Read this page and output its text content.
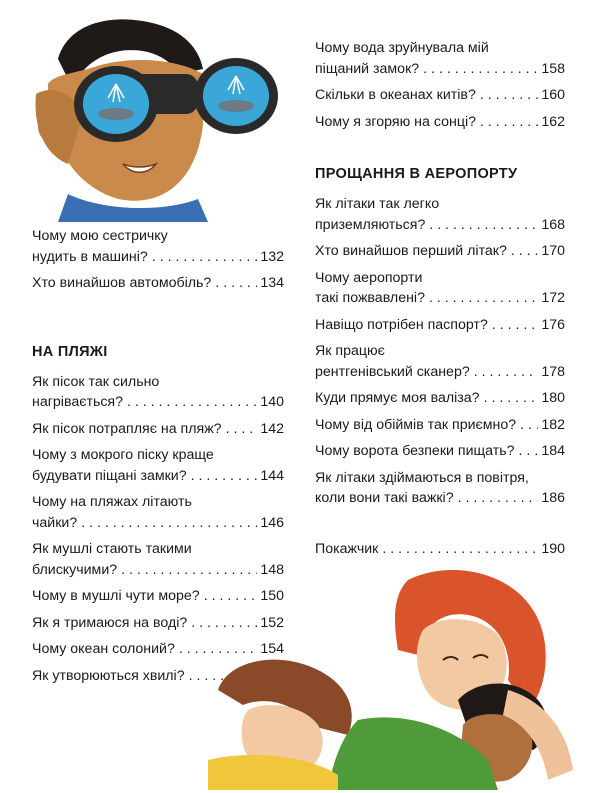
Чому мою сестричку
нудить в машині? . . .	132
Хто винайшов автомобіль? . . .	134
НА ПЛЯЖІ
Як пісок так сильно
нагрівається? . . .	140
Як пісок потрапляє на пляж? . . .	142
Чому з мокрого піску краще
будувати піщані замки? . . .	144
Чому на пляжах літають
чайки? . . .	146
Як мушлі стають такими
блискучими? . . .	148
Чому в мушлі чути море? . . .	150
Як я тримаюся на воді? . . .	152
Чому океан солоний? . . .	154
Як утворюються хвилі?
. . .
Чому вода зруйнувала мій
піщаний замок? . . .	158
Скільки в океанах китів? . . .	160
Чому я згоряю на сонці? . . .	162
ПРОЩАННЯ В АЕРОПОРТУ
Як літаки так легко
приземляються? . . .	168
Хто винайшов перший літак? . . . 170
Чому аеропорти
такі пожвавлені? . . .	172
Навіщо потрібен паспорт? . . .	176
Як працює
рентгенівський сканер? . . .	178
Куди прямує моя валіза? . . .	180
Чому від обіймів так приємно? . . . 182
Чому ворота безпеки пищать? . . . 184
Як літаки здіймаються в повітря,
коли вони такі важкі? . . .	186
Покажчик . . .	190
